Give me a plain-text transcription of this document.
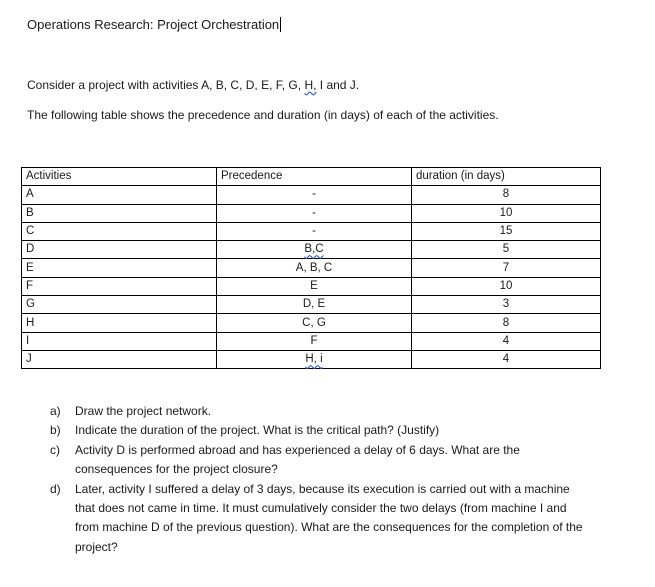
Operations Research: Project Orchestration
Consider a project with activities A, B, C, D, E, F, G, H, I and J.
The following table shows the precedence and duration (in days) of each of the activities.
Activities	Precedence	duration (in days)
A	-	8
B	-	10
C	-	15
D	B,C	5
E	A, B, C	7
F	E	10
G	D, E	3
H	C, G	8
I	F	4
J	H, i	4
a) Draw the project network.
b) Indicate the duration of the project. What is the critical path? (Justify)
c) Activity D is performed abroad and has experienced a delay of 6 days. What are the consequences for the project closure?
d) Later, activity I suffered a delay of 3 days, because its execution is carried out with a machine that does not came in time. It must cumulatively consider the two delays (from machine I and from machine D of the previous question). What are the consequences for the completion of the project?
